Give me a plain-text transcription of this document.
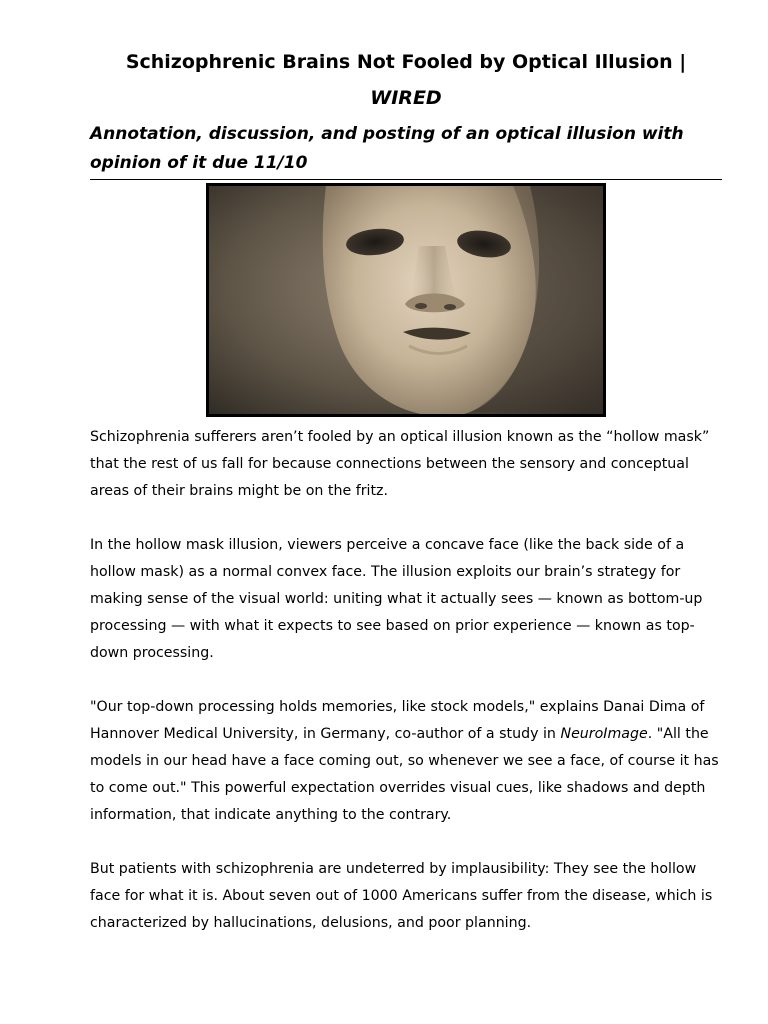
Schizophrenic Brains Not Fooled by Optical Illusion |
WIRED
Annotation, discussion, and posting of an optical illusion with opinion of it due 11/10

Schizophrenia sufferers aren’t fooled by an optical illusion known as the “hollow mask” that the rest of us fall for because connections between the sensory and conceptual areas of their brains might be on the fritz.

In the hollow mask illusion, viewers perceive a concave face (like the back side of a hollow mask) as a normal convex face. The illusion exploits our brain’s strategy for making sense of the visual world: uniting what it actually sees — known as bottom-up processing — with what it expects to see based on prior experience — known as top-down processing.

"Our top-down processing holds memories, like stock models," explains Danai Dima of Hannover Medical University, in Germany, co-author of a study in NeuroImage. "All the models in our head have a face coming out, so whenever we see a face, of course it has to come out." This powerful expectation overrides visual cues, like shadows and depth information, that indicate anything to the contrary.

But patients with schizophrenia are undeterred by implausibility: They see the hollow face for what it is. About seven out of 1000 Americans suffer from the disease, which is characterized by hallucinations, delusions, and poor planning.
